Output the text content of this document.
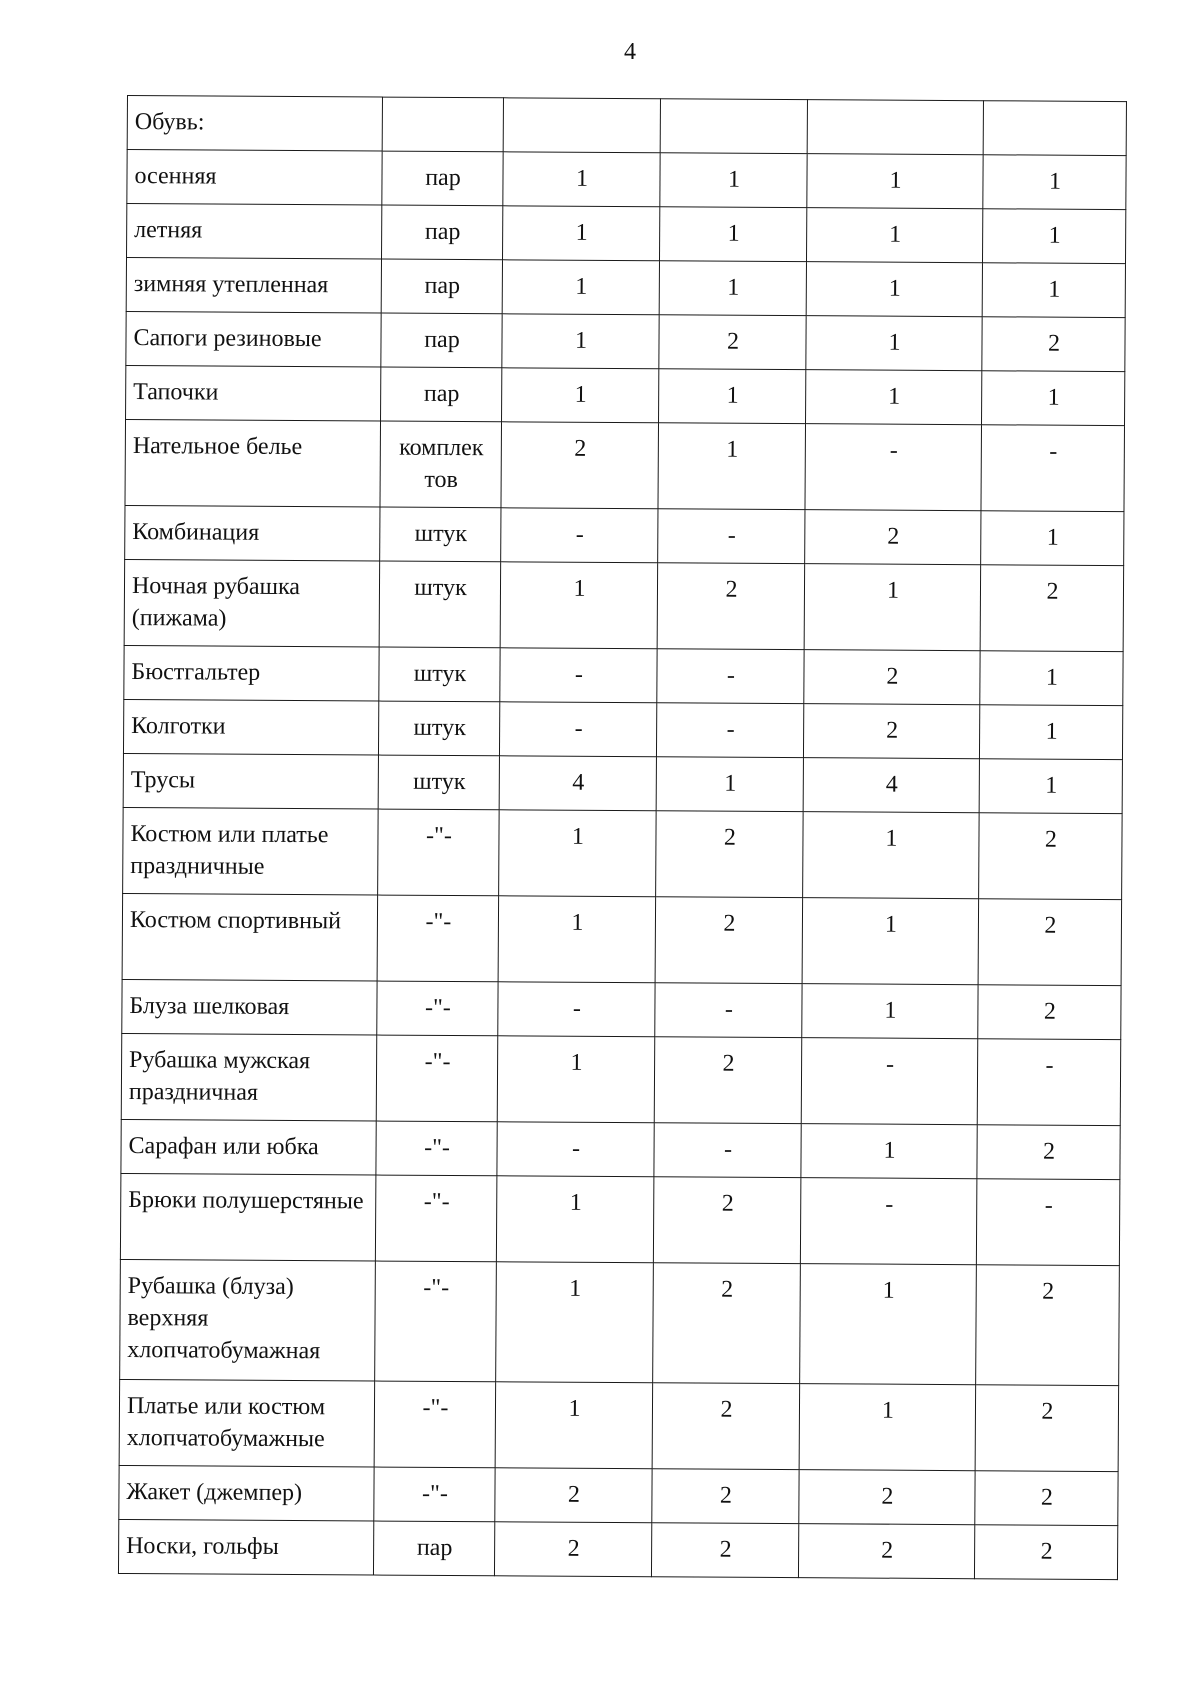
4
Обувь:					
осенняя	пар	1	1	1	1
летняя	пар	1	1	1	1
зимняя утепленная	пар	1	1	1	1
Сапоги резиновые	пар	1	2	1	2
Тапочки	пар	1	1	1	1
Нательное белье	комплек тов	2	1	-	-
Комбинация	штук	-	-	2	1
Ночная рубашка (пижама)	штук	1	2	1	2
Бюстгальтер	штук	-	-	2	1
Колготки	штук	-	-	2	1
Трусы	штук	4	1	4	1
Костюм или платье праздничные	-"-	1	2	1	2
Костюм спортивный	-"-	1	2	1	2
Блуза шелковая	-"-	-	-	1	2
Рубашка мужская праздничная	-"-	1	2	-	-
Сарафан или юбка	-"-	-	-	1	2
Брюки полушерстяные	-"-	1	2	-	-
Рубашка (блуза) верхняя хлопчатобумажная	-"-	1	2	1	2
Платье или костюм хлопчатобумажные	-"-	1	2	1	2
Жакет (джемпер)	-"-	2	2	2	2
Носки, гольфы	пар	2	2	2	2
